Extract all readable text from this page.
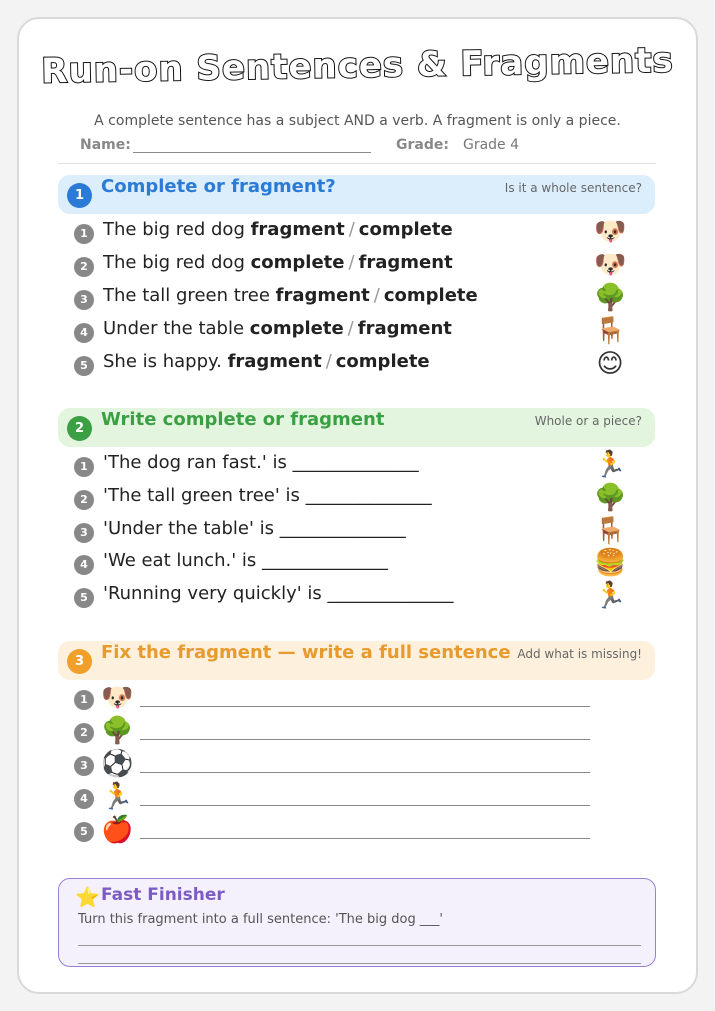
Run-on Sentences & Fragments
A complete sentence has a subject AND a verb. A fragment is only a piece.
Name:	Grade: Grade 4
1 Complete or fragment?	Is it a whole sentence?
1 The big red dog fragment / complete	🐶
2 The big red dog complete / fragment	🐶
3 The tall green tree fragment / complete	🌳
4 Under the table complete / fragment	🪑
5 She is happy. fragment / complete	😊
2 Write complete or fragment	Whole or a piece?
1 'The dog ran fast.' is ______________	🏃
2 'The tall green tree' is ______________	🌳
3 'Under the table' is ______________	🪑
4 'We eat lunch.' is ______________	🍔
5 'Running very quickly' is ______________	🏃
3 Fix the fragment — write a full sentence Add what is missing!
1 🐶
2 🌳
3 ⚽
4 🏃
5 🍎
⭐ Fast Finisher
Turn this fragment into a full sentence: 'The big dog ___'
